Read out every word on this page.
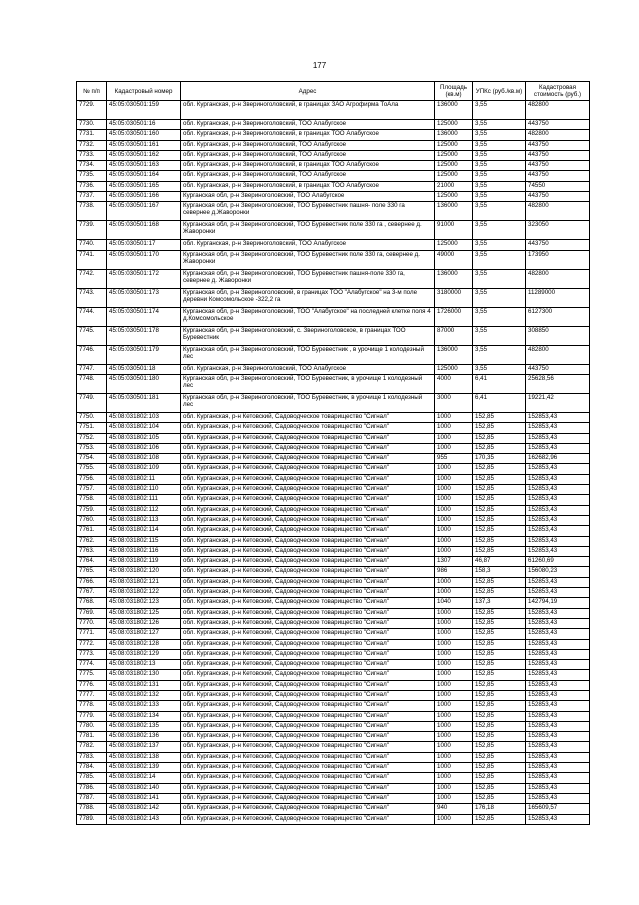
177
№ п/п	Кадастровый номер	Адрес	Площадь (кв.м)	УПКс (руб./кв.м)	Кадастровая стоимость (руб.)
7729.	45:05:030501:159	обл. Курганская, р-н Звериноголовский, в границах ЗАО Агрофирма ТоАла	136000	3,55	482800
7730.	45:05:030501:16	обл. Курганская, р-н Звериноголовский, ТОО Алабугское	125000	3,55	443750
7731.	45:05:030501:160	обл. Курганская, р-н Звериноголовский, в границах ТОО Алабугское	136000	3,55	482800
7732.	45:05:030501:161	обл. Курганская, р-н Звериноголовский, ТОО Алабугское	125000	3,55	443750
7733.	45:05:030501:162	обл. Курганская, р-н Звериноголовский, ТОО Алабугское	125000	3,55	443750
7734.	45:05:030501:163	обл. Курганская, р-н Звериноголовский, в границах ТОО Алабугское	125000	3,55	443750
7735.	45:05:030501:164	обл. Курганская, р-н Звериноголовский, ТОО Алабугское	125000	3,55	443750
7736.	45:05:030501:165	обл. Курганская, р-н Звериноголовский, в границах ТОО Алабугское	21000	3,55	74550
7737.	45:05:030501:166	Курганская обл, р-н Звериноголовский, ТОО Алабугское	125000	3,55	443750
7738.	45:05:030501:167	Курганская обл, р-н Звериноголовский, ТОО Буревестник пашня- поле 330 га севернее д.Жаворонки	136000	3,55	482800
7739.	45:05:030501:168	Курганская обл, р-н Звериноголовский, ТОО Буревестник поле 330 га , севернее д. Жаворонки	91000	3,55	323050
7740.	45:05:030501:17	обл. Курганская, р-н Звериноголовский, ТОО Алабугское	125000	3,55	443750
7741.	45:05:030501:170	Курганская обл, р-н Звериноголовский, ТОО Буревестник поле 330 га, севернее д. Жаворонки	49000	3,55	173950
7742.	45:05:030501:172	Курганская обл, р-н Звериноголовский, ТОО Буревестник пашня-поле 330 га, севернее д. Жаворонки	136000	3,55	482800
7743.	45:05:030501:173	Курганская обл, р-н Звериноголовский, в границах ТОО "Алабугское" на 3-м поле деревни Комсомольское -322,2 га	3180000	3,55	11289000
7744.	45:05:030501:174	Курганская обл, р-н Звериноголовский, ТОО "Алабугское" на последней клетке поля 4 д.Комсомольское	1726000	3,55	6127300
7745.	45:05:030501:178	Курганская обл, р-н Звериноголовский, с. Звериноголовское, в границах ТОО Буревестник	87000	3,55	308850
7746.	45:05:030501:179	Курганская обл, р-н Звериноголовский, ТОО Буревестник , в урочище 1 колодезный лес	136000	3,55	482800
7747.	45:05:030501:18	обл. Курганская, р-н Звериноголовский, ТОО Алабугское	125000	3,55	443750
7748.	45:05:030501:180	Курганская обл, р-н Звериноголовский, ТОО Буревестник, в урочище 1 колодезный лес	4000	6,41	25628,56
7749.	45:05:030501:181	Курганская обл, р-н Звериноголовский, ТОО Буревестник, в урочище 1 колодезный лес	3000	6,41	19221,42
7750.	45:08:031802:103	обл. Курганская, р-н Кетовский, Садоводческое товарищество "Сигнал"	1000	152,85	152853,43
7751.	45:08:031802:104	обл. Курганская, р-н Кетовский, Садоводческое товарищество "Сигнал"	1000	152,85	152853,43
7752.	45:08:031802:105	обл. Курганская, р-н Кетовский, Садоводческое товарищество "Сигнал"	1000	152,85	152853,43
7753.	45:08:031802:106	обл. Курганская, р-н Кетовский, Садоводческое товарищество "Сигнал"	1000	152,85	152853,43
7754.	45:08:031802:108	обл. Курганская, р-н Кетовский, Садоводческое товарищество "Сигнал"	955	170,35	162682,96
7755.	45:08:031802:109	обл. Курганская, р-н Кетовский, Садоводческое товарищество "Сигнал"	1000	152,85	152853,43
7756.	45:08:031802:11	обл. Курганская, р-н Кетовский, Садоводческое товарищество "Сигнал"	1000	152,85	152853,43
7757.	45:08:031802:110	обл. Курганская, р-н Кетовский, Садоводческое товарищество "Сигнал"	1000	152,85	152853,43
7758.	45:08:031802:111	обл. Курганская, р-н Кетовский, Садоводческое товарищество "Сигнал"	1000	152,85	152853,43
7759.	45:08:031802:112	обл. Курганская, р-н Кетовский, Садоводческое товарищество "Сигнал"	1000	152,85	152853,43
7760.	45:08:031802:113	обл. Курганская, р-н Кетовский, Садоводческое товарищество "Сигнал"	1000	152,85	152853,43
7761.	45:08:031802:114	обл. Курганская, р-н Кетовский, Садоводческое товарищество "Сигнал"	1000	152,85	152853,43
7762.	45:08:031802:115	обл. Курганская, р-н Кетовский, Садоводческое товарищество "Сигнал"	1000	152,85	152853,43
7763.	45:08:031802:116	обл. Курганская, р-н Кетовский, Садоводческое товарищество "Сигнал"	1000	152,85	152853,43
7764.	45:08:031802:119	обл. Курганская, р-н Кетовский, Садоводческое товарищество "Сигнал"	1307	46,87	61260,69
7765.	45:08:031802:120	обл. Курганская, р-н Кетовский, Садоводческое товарищество "Сигнал"	986	158,3	156080,23
7766.	45:08:031802:121	обл. Курганская, р-н Кетовский, Садоводческое товарищество "Сигнал"	1000	152,85	152853,43
7767.	45:08:031802:122	обл. Курганская, р-н Кетовский, Садоводческое товарищество "Сигнал"	1000	152,85	152853,43
7768.	45:08:031802:123	обл. Курганская, р-н Кетовский, Садоводческое товарищество "Сигнал"	1040	137,3	142794,19
7769.	45:08:031802:125	обл. Курганская, р-н Кетовский, Садоводческое товарищество "Сигнал"	1000	152,85	152853,43
7770.	45:08:031802:126	обл. Курганская, р-н Кетовский, Садоводческое товарищество "Сигнал"	1000	152,85	152853,43
7771.	45:08:031802:127	обл. Курганская, р-н Кетовский, Садоводческое товарищество "Сигнал"	1000	152,85	152853,43
7772.	45:08:031802:128	обл. Курганская, р-н Кетовский, Садоводческое товарищество "Сигнал"	1000	152,85	152853,43
7773.	45:08:031802:129	обл. Курганская, р-н Кетовский, Садоводческое товарищество "Сигнал"	1000	152,85	152853,43
7774.	45:08:031802:13	обл. Курганская, р-н Кетовский, Садоводческое товарищество "Сигнал"	1000	152,85	152853,43
7775.	45:08:031802:130	обл. Курганская, р-н Кетовский, Садоводческое товарищество "Сигнал"	1000	152,85	152853,43
7776.	45:08:031802:131	обл. Курганская, р-н Кетовский, Садоводческое товарищество "Сигнал"	1000	152,85	152853,43
7777.	45:08:031802:132	обл. Курганская, р-н Кетовский, Садоводческое товарищество "Сигнал"	1000	152,85	152853,43
7778.	45:08:031802:133	обл. Курганская, р-н Кетовский, Садоводческое товарищество "Сигнал"	1000	152,85	152853,43
7779.	45:08:031802:134	обл. Курганская, р-н Кетовский, Садоводческое товарищество "Сигнал"	1000	152,85	152853,43
7780.	45:08:031802:135	обл. Курганская, р-н Кетовский, Садоводческое товарищество "Сигнал"	1000	152,85	152853,43
7781.	45:08:031802:136	обл. Курганская, р-н Кетовский, Садоводческое товарищество "Сигнал"	1000	152,85	152853,43
7782.	45:08:031802:137	обл. Курганская, р-н Кетовский, Садоводческое товарищество "Сигнал"	1000	152,85	152853,43
7783.	45:08:031802:138	обл. Курганская, р-н Кетовский, Садоводческое товарищество "Сигнал"	1000	152,85	152853,43
7784.	45:08:031802:139	обл. Курганская, р-н Кетовский, Садоводческое товарищество "Сигнал"	1000	152,85	152853,43
7785.	45:08:031802:14	обл. Курганская, р-н Кетовский, Садоводческое товарищество "Сигнал"	1000	152,85	152853,43
7786.	45:08:031802:140	обл. Курганская, р-н Кетовский, Садоводческое товарищество "Сигнал"	1000	152,85	152853,43
7787.	45:08:031802:141	обл. Курганская, р-н Кетовский, Садоводческое товарищество "Сигнал"	1000	152,85	152853,43
7788.	45:08:031802:142	обл. Курганская, р-н Кетовский, Садоводческое товарищество "Сигнал"	940	176,18	165609,57
7789.	45:08:031802:143	обл. Курганская, р-н Кетовский, Садоводческое товарищество "Сигнал"	1000	152,85	152853,43
